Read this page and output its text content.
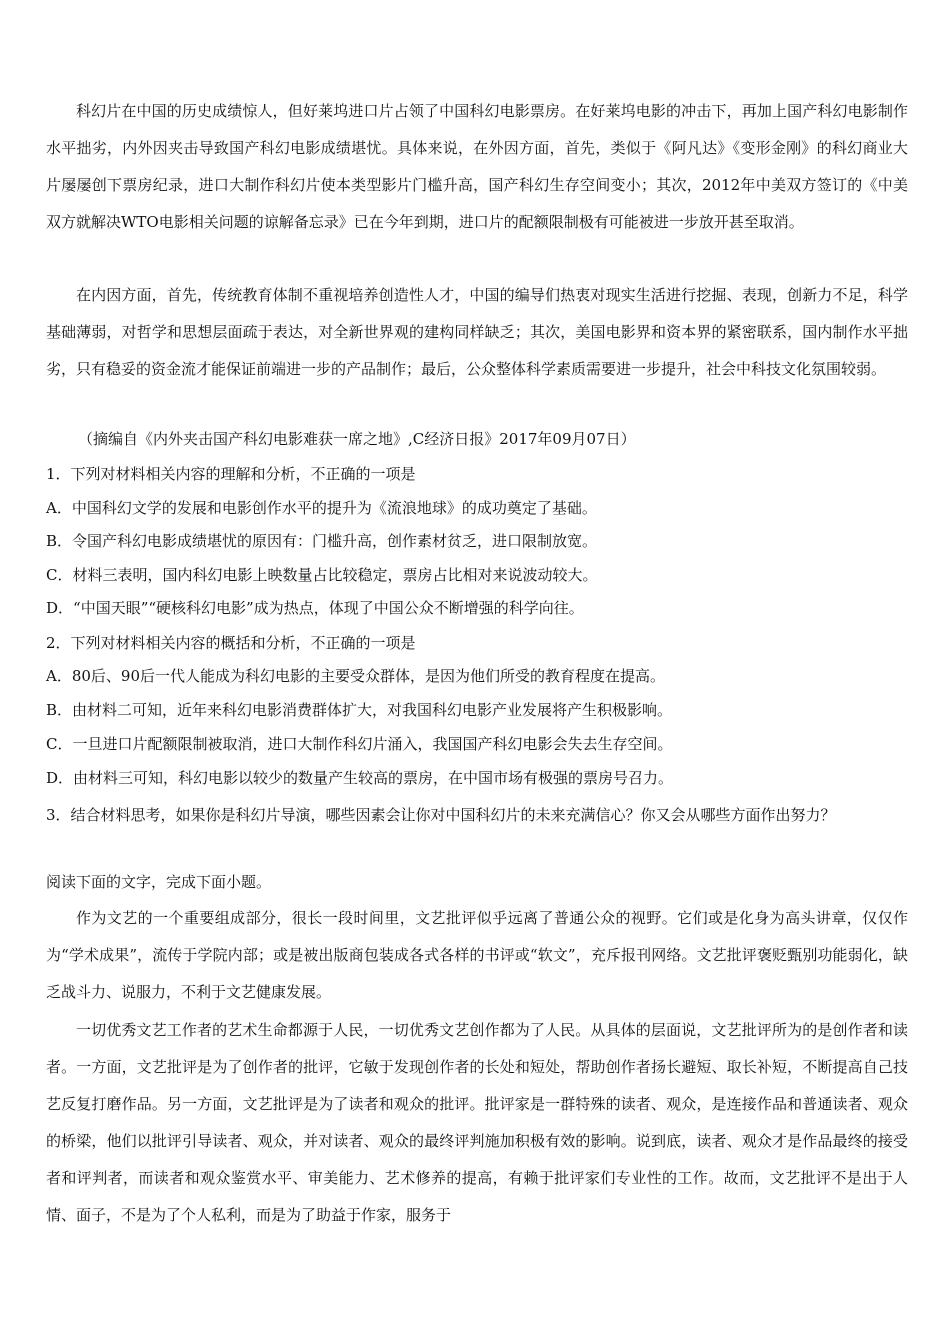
科幻片在中国的历史成绩惊人，但好莱坞进口片占领了中国科幻电影票房。在好莱坞电影的冲击下，再加上国产科幻电影制作水平拙劣，内外因夹击导致国产科幻电影成绩堪忧。具体来说，在外因方面，首先，类似于《阿凡达》《变形金刚》的科幻商业大片屡屡创下票房纪录，进口大制作科幻片使本类型影片门槛升高，国产科幻生存空间变小；其次，2012年中美双方签订的《中美双方就解决WTO电影相关问题的谅解备忘录》已在今年到期，进口片的配额限制极有可能被进一步放开甚至取消。

在内因方面，首先，传统教育体制不重视培养创造性人才，中国的编导们热衷对现实生活进行挖掘、表现，创新力不足，科学基础薄弱，对哲学和思想层面疏于表达，对全新世界观的建构同样缺乏；其次，美国电影界和资本界的紧密联系，国内制作水平拙劣，只有稳妥的资金流才能保证前端进一步的产品制作；最后，公众整体科学素质需要进一步提升，社会中科技文化氛围较弱。

（摘编自《内外夹击国产科幻电影难获一席之地》,C经济日报》2017年09月07日）

1．下列对材料相关内容的理解和分析，不正确的一项是

A．中国科幻文学的发展和电影创作水平的提升为《流浪地球》的成功奠定了基础。

B．令国产科幻电影成绩堪忧的原因有：门槛升高，创作素材贫乏，进口限制放宽。

C．材料三表明，国内科幻电影上映数量占比较稳定，票房占比相对来说波动较大。

D．“中国天眼”“硬核科幻电影”成为热点，体现了中国公众不断增强的科学向往。

2．下列对材料相关内容的概括和分析，不正确的一项是

A．80后、90后一代人能成为科幻电影的主要受众群体，是因为他们所受的教育程度在提高。

B．由材料二可知，近年来科幻电影消费群体扩大，对我国科幻电影产业发展将产生积极影响。

C．一旦进口片配额限制被取消，进口大制作科幻片涌入，我国国产科幻电影会失去生存空间。

D．由材料三可知，科幻电影以较少的数量产生较高的票房，在中国市场有极强的票房号召力。

3．结合材料思考，如果你是科幻片导演，哪些因素会让你对中国科幻片的未来充满信心？你又会从哪些方面作出努力？

阅读下面的文字，完成下面小题。

作为文艺的一个重要组成部分，很长一段时间里，文艺批评似乎远离了普通公众的视野。它们或是化身为高头讲章，仅仅作为“学术成果”，流传于学院内部；或是被出版商包装成各式各样的书评或“软文”，充斥报刊网络。文艺批评褒贬甄别功能弱化，缺乏战斗力、说服力，不利于文艺健康发展。

一切优秀文艺工作者的艺术生命都源于人民，一切优秀文艺创作都为了人民。从具体的层面说，文艺批评所为的是创作者和读者。一方面，文艺批评是为了创作者的批评，它敏于发现创作者的长处和短处，帮助创作者扬长避短、取长补短，不断提高自己技艺反复打磨作品。另一方面，文艺批评是为了读者和观众的批评。批评家是一群特殊的读者、观众，是连接作品和普通读者、观众的桥梁，他们以批评引导读者、观众，并对读者、观众的最终评判施加积极有效的影响。说到底，读者、观众才是作品最终的接受者和评判者，而读者和观众鉴赏水平、审美能力、艺术修养的提高，有赖于批评家们专业性的工作。故而，文艺批评不是出于人情、面子，不是为了个人私利，而是为了助益于作家，服务于
